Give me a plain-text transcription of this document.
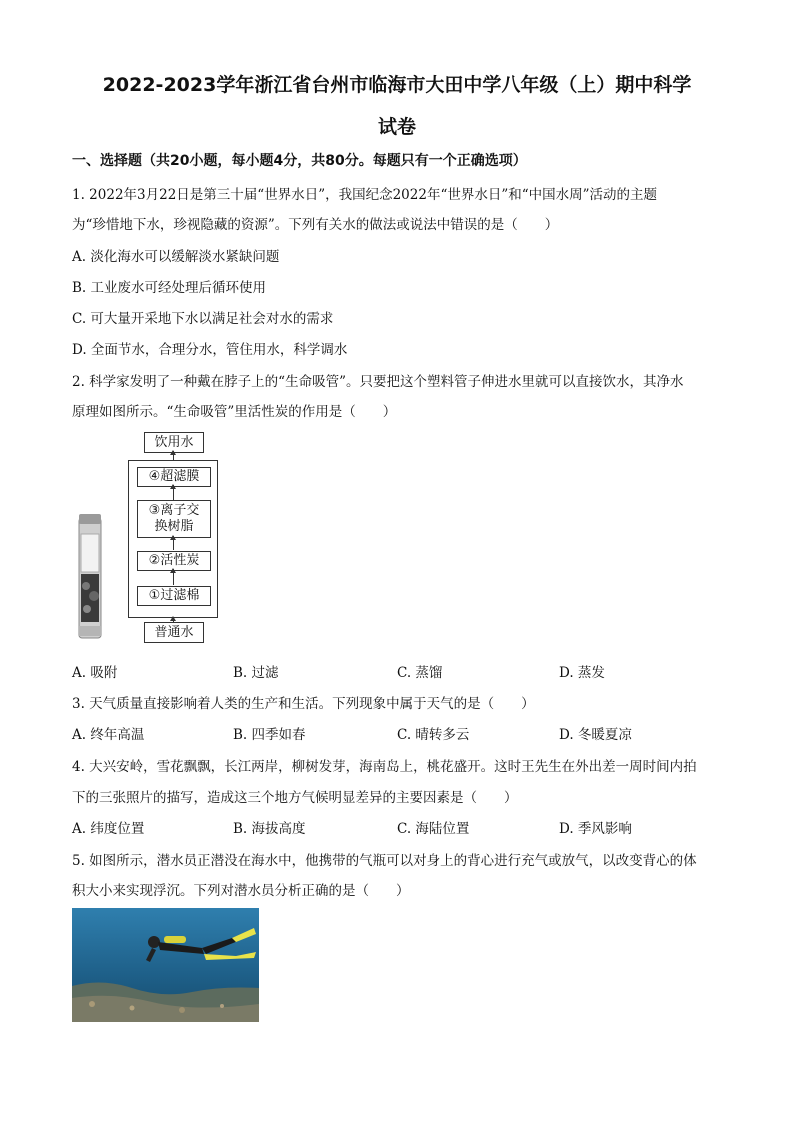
2022-2023学年浙江省台州市临海市大田中学八年级（上）期中科学
试卷
一、选择题（共20小题，每小题4分，共80分。每题只有一个正确选项）
1. 2022年3月22日是第三十届“世界水日”，我国纪念2022年“世界水日”和“中国水周”活动的主题
为“珍惜地下水，珍视隐藏的资源”。下列有关水的做法或说法中错误的是（　　）
A. 淡化海水可以缓解淡水紧缺问题
B. 工业废水可经处理后循环使用
C. 可大量开采地下水以满足社会对水的需求
D. 全面节水，合理分水，管住用水，科学调水
2. 科学家发明了一种戴在脖子上的“生命吸管”。只要把这个塑料管子伸进水里就可以直接饮水，其净水
原理如图所示。“生命吸管”里活性炭的作用是（　　）
饮用水
④超滤膜
③离子交
换树脂
②活性炭
①过滤棉
普通水
A. 吸附	B. 过滤	C. 蒸馏	D. 蒸发
3. 天气质量直接影响着人类的生产和生活。下列现象中属于天气的是（　　）
A. 终年高温	B. 四季如春	C. 晴转多云	D. 冬暖夏凉
4. 大兴安岭，雪花飘飘，长江两岸，柳树发芽，海南岛上，桃花盛开。这时王先生在外出差一周时间内拍
下的三张照片的描写，造成这三个地方气候明显差异的主要因素是（　　）
A. 纬度位置	B. 海拔高度	C. 海陆位置	D. 季风影响
5. 如图所示，潜水员正潜没在海水中，他携带的气瓶可以对身上的背心进行充气或放气，以改变背心的体
积大小来实现浮沉。下列对潜水员分析正确的是（　　）
